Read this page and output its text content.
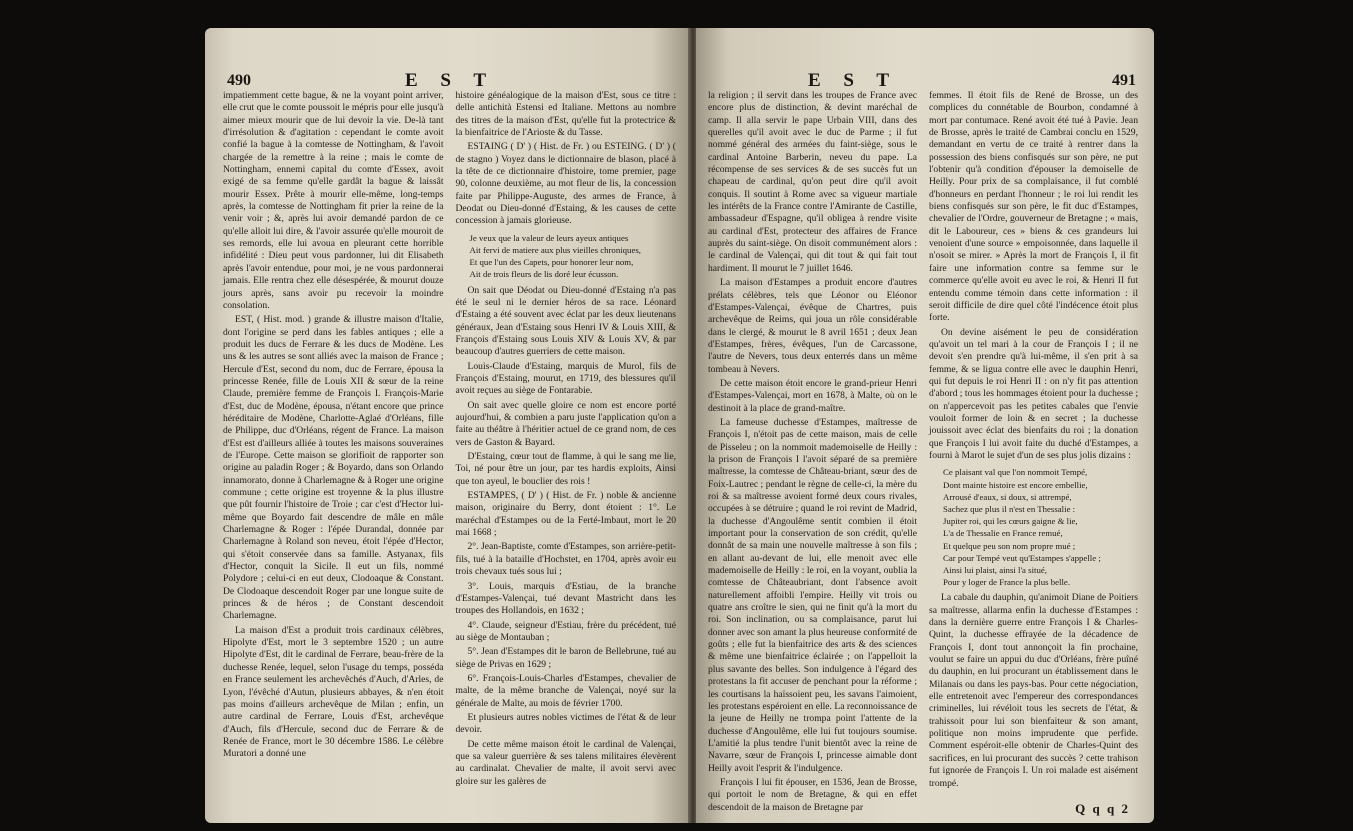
490	E S T

impatiemment cette bague, & ne la voyant point arriver, elle crut que le comte poussoit le mépris pour elle jusqu'à aimer mieux mourir que de lui devoir la vie. De-là tant d'irrésolution & d'agitation : cependant le comte avoit confié la bague à la comtesse de Nottingham, & l'avoit chargée de la remettre à la reine ; mais le comte de Nottingham, ennemi capital du comte d'Essex, avoit exigé de sa femme qu'elle gardât la bague & laissât mourir Essex. Prête à mourir elle-même, long-temps après, la comtesse de Nottingham fit prier la reine de la venir voir ; &, après lui avoir demandé pardon de ce qu'elle alloit lui dire, & l'avoir assurée qu'elle mouroit de ses remords, elle lui avoua en pleurant cette horrible infidélité : Dieu peut vous pardonner, lui dit Elisabeth après l'avoir entendue, pour moi, je ne vous pardonnerai jamais. Elle rentra chez elle désespérée, & mourut douze jours après, sans avoir pu recevoir la moindre consolation.

EST, ( Hist. mod. ) grande & illustre maison d'Italie, dont l'origine se perd dans les fables antiques ; elle a produit les ducs de Ferrare & les ducs de Modène. Les uns & les autres se sont alliés avec la maison de France ; Hercule d'Est, second du nom, duc de Ferrare, épousa la princesse Renée, fille de Louis XII & sœur de la reine Claude, première femme de François I. François-Marie d'Est, duc de Modène, épousa, n'étant encore que prince héréditaire de Modène, Charlotte-Aglaé d'Orléans, fille de Philippe, duc d'Orléans, régent de France. La maison d'Est est d'ailleurs alliée à toutes les maisons souveraines de l'Europe. Cette maison se glorifioit de rapporter son origine au paladin Roger ; & Boyardo, dans son Orlando innamorato, donne à Charlemagne & à Roger une origine commune ; cette origine est troyenne & la plus illustre que pût fournir l'histoire de Troie ; car c'est d'Hector lui-même que Boyardo fait descendre de mâle en mâle Charlemagne & Roger : l'épée Durandal, donnée par Charlemagne à Roland son neveu, étoit l'épée d'Hector, qui s'étoit conservée dans sa famille. Astyanax, fils d'Hector, conquit la Sicile. Il eut un fils, nommé Polydore ; celui-ci en eut deux, Clodoaque & Constant. De Clodoaque descendoit Roger par une longue suite de princes & de héros ; de Constant descendoit Charlemagne.

La maison d'Est a produit trois cardinaux célèbres, Hipolyte d'Est, mort le 3 septembre 1520 ; un autre Hipolyte d'Est, dit le cardinal de Ferrare, beau-frère de la duchesse Renée, lequel, selon l'usage du temps, posséda en France seulement les archevêchés d'Auch, d'Arles, de Lyon, l'évêché d'Autun, plusieurs abbayes, & n'en étoit pas moins d'ailleurs archevêque de Milan ; enfin, un autre cardinal de Ferrare, Louis d'Est, archevêque d'Auch, fils d'Hercule, second duc de Ferrare & de Renée de France, mort le 30 décembre 1586. Le célèbre Muratori a donné une

histoire généalogique de la maison d'Est, sous ce titre : delle antichità Estensi ed Italiane. Mettons au nombre des titres de la maison d'Est, qu'elle fut la protectrice & la bienfaitrice de l'Arioste & du Tasse.

ESTAING ( D' ) ( Hist. de Fr. ) ou ESTEING. ( D' ) ( de stagno ) Voyez dans le dictionnaire de blason, placé à la tête de ce dictionnaire d'histoire, tome premier, page 90, colonne deuxième, au mot fleur de lis, la concession faite par Philippe-Auguste, des armes de France, à Deodat ou Dieu-donné d'Estaing, & les causes de cette concession à jamais glorieuse.

Je veux que la valeur de leurs ayeux antiques
Ait fervi de matiere aux plus vieilles chroniques,
Et que l'un des Capets, pour honorer leur nom,
Ait de trois fleurs de lis doré leur écusson.

On sait que Déodat ou Dieu-donné d'Estaing n'a pas été le seul ni le dernier héros de sa race. Léonard d'Estaing a été souvent avec éclat par les deux lieutenans généraux, Jean d'Estaing sous Henri IV & Louis XIII, & François d'Estaing sous Louis XIV & Louis XV, & par beaucoup d'autres guerriers de cette maison.

Louis-Claude d'Estaing, marquis de Murol, fils de François d'Estaing, mourut, en 1719, des blessures qu'il avoit reçues au siège de Fontarabie.

On sait avec quelle gloire ce nom est encore porté aujourd'hui, & combien a paru juste l'application qu'on a faite au théâtre à l'héritier actuel de ce grand nom, de ces vers de Gaston & Bayard.

D'Estaing, cœur tout de flamme, à qui le sang me lie, Toi, né pour être un jour, par tes hardis exploits, Ainsi que ton ayeul, le bouclier des rois !

ESTAMPES, ( D' ) ( Hist. de Fr. ) noble & ancienne maison, originaire du Berry, dont étoient : 1°. Le maréchal d'Estampes ou de la Ferté-Imbaut, mort le 20 mai 1668 ;

2°. Jean-Baptiste, comte d'Estampes, son arrière-petit-fils, tué à la bataille d'Hochstet, en 1704, après avoir eu trois chevaux tués sous lui ;

3°. Louis, marquis d'Estiau, de la branche d'Estampes-Valençai, tué devant Mastricht dans les troupes des Hollandois, en 1632 ;

4°. Claude, seigneur d'Estiau, frère du précédent, tué au siège de Montauban ;

5°. Jean d'Estampes dit le baron de Bellebrune, tué au siège de Privas en 1629 ;

6°. François-Louis-Charles d'Estampes, chevalier de malte, de la même branche de Valençai, noyé sur la générale de Malte, au mois de février 1700.

Et plusieurs autres nobles victimes de l'état & de leur devoir.

De cette même maison étoit le cardinal de Valençai, que sa valeur guerrière & ses talens militaires élevèrent au cardinalat. Chevalier de malte, il avoit servi avec gloire sur les galères de

E S T	491

la religion ; il servit dans les troupes de France avec encore plus de distinction, & devint maréchal de camp. Il alla servir le pape Urbain VIII, dans des querelles qu'il avoit avec le duc de Parme ; il fut nommé général des armées du faint-siège, sous le cardinal Antoine Barberin, neveu du pape. La récompense de ses services & de ses succès fut un chapeau de cardinal, qu'on peut dire qu'il avoit conquis. Il soutint à Rome avec sa vigueur martiale les intérêts de la France contre l'Amirante de Castille, ambassadeur d'Espagne, qu'il obligea à rendre visite au cardinal d'Est, protecteur des affaires de France auprès du saint-siège. On disoit communément alors : le cardinal de Valençai, qui dit tout & qui fait tout hardiment. Il mourut le 7 juillet 1646.

La maison d'Estampes a produit encore d'autres prélats célèbres, tels que Léonor ou Eléonor d'Estampes-Valençai, évêque de Chartres, puis archevêque de Reims, qui joua un rôle considérable dans le clergé, & mourut le 8 avril 1651 ; deux Jean d'Estampes, frères, évêques, l'un de Carcassone, l'autre de Nevers, tous deux enterrés dans un même tombeau à Nevers.

De cette maison étoit encore le grand-prieur Henri d'Estampes-Valençai, mort en 1678, à Malte, où on le destinoit à la place de grand-maître.

La fameuse duchesse d'Estampes, maîtresse de François I, n'étoit pas de cette maison, mais de celle de Pisseleu ; on la nommoit mademoiselle de Heilly : la prison de François I l'avoit séparé de sa première maîtresse, la comtesse de Château-briant, sœur des de Foix-Lautrec ; pendant le règne de celle-ci, la mère du roi & sa maîtresse avoient formé deux cours rivales, occupées à se détruire ; quand le roi revint de Madrid, la duchesse d'Angoulême sentit combien il étoit important pour la conservation de son crédit, qu'elle donnât de sa main une nouvelle maîtresse à son fils ; en allant au-devant de lui, elle menoit avec elle mademoiselle de Heilly : le roi, en la voyant, oublia la comtesse de Châteaubriant, dont l'absence avoit naturellement affoibli l'empire. Heilly vit trois ou quatre ans croître le sien, qui ne finit qu'à la mort du roi. Son inclination, ou sa complaisance, parut lui donner avec son amant la plus heureuse conformité de goûts ; elle fut la bienfaitrice des arts & des sciences & même une bienfaitrice éclairée ; on l'appelloit la plus savante des belles. Son indulgence à l'égard des protestans la fit accuser de penchant pour la réforme ; les courtisans la haïssoient peu, les savans l'aimoient, les protestans espéroient en elle. La reconnoissance de la jeune de Heilly ne trompa point l'attente de la duchesse d'Angoulême, elle lui fut toujours soumise. L'amitié la plus tendre l'unit bientôt avec la reine de Navarre, sœur de François I, princesse aimable dont Heilly avoit l'esprit & l'indulgence.

François I lui fit épouser, en 1536, Jean de Brosse, qui portoit le nom de Bretagne, & qui en effet descendoit de la maison de Bretagne par

femmes. Il étoit fils de René de Brosse, un des complices du connétable de Bourbon, condamné à mort par contumace. René avoit été tué à Pavie. Jean de Brosse, après le traité de Cambrai conclu en 1529, demandant en vertu de ce traité à rentrer dans la possession des biens confisqués sur son père, ne put l'obtenir qu'à condition d'épouser la demoiselle de Heilly. Pour prix de sa complaisance, il fut comblé d'honneurs en perdant l'honneur ; le roi lui rendit les biens confisqués sur son père, le fit duc d'Estampes, chevalier de l'Ordre, gouverneur de Bretagne ; « mais, dit le Laboureur, ces » biens & ces grandeurs lui venoient d'une source » empoisonnée, dans laquelle il n'osoit se mirer. » Après la mort de François I, il fit faire une information contre sa femme sur le commerce qu'elle avoit eu avec le roi, & Henri II fut entendu comme témoin dans cette information : il seroit difficile de dire quel côté l'indécence étoit plus forte.

On devine aisément le peu de considération qu'avoit un tel mari à la cour de François I ; il ne devoit s'en prendre qu'à lui-même, il s'en prit à sa femme, & se ligua contre elle avec le dauphin Henri, qui fut depuis le roi Henri II : on n'y fit pas attention d'abord ; tous les hommages étoient pour la duchesse ; on n'appercevoit pas les petites cabales que l'envie vouloit former de loin & en secret ; la duchesse jouissoit avec éclat des bienfaits du roi ; la donation que François I lui avoit faite du duché d'Estampes, a fourni à Marot le sujet d'un de ses plus jolis dizains :

Ce plaisant val que l'on nommoit Tempé,
Dont mainte histoire est encore embellie,
Arrousé d'eaux, si doux, si attrempé,
Sachez que plus il n'est en Thessalie :
Jupiter roi, qui les cœurs gaigne & lie,
L'a de Thessalie en France remué,
Et quelque peu son nom propre mué ;
Car pour Tempé veut qu'Estampes s'appelle ;
Ainsi lui plaist, ainsi l'a situé,
Pour y loger de France la plus belle.

La cabale du dauphin, qu'animoit Diane de Poitiers sa maîtresse, allarma enfin la duchesse d'Estampes : dans la dernière guerre entre François I & Charles-Quint, la duchesse effrayée de la décadence de François I, dont tout annonçoit la fin prochaine, voulut se faire un appui du duc d'Orléans, frère puîné du dauphin, en lui procurant un établissement dans le Milanais ou dans les pays-bas. Pour cette négociation, elle entretenoit avec l'empereur des correspondances criminelles, lui révéloit tous les secrets de l'état, & trahissoit pour lui son bienfaiteur & son amant, politique non moins imprudente que perfide. Comment espéroit-elle obtenir de Charles-Quint des sacrifices, en lui procurant des succès ? cette trahison fut ignorée de François I. Un roi malade est aisément trompé.

Q q q 2
